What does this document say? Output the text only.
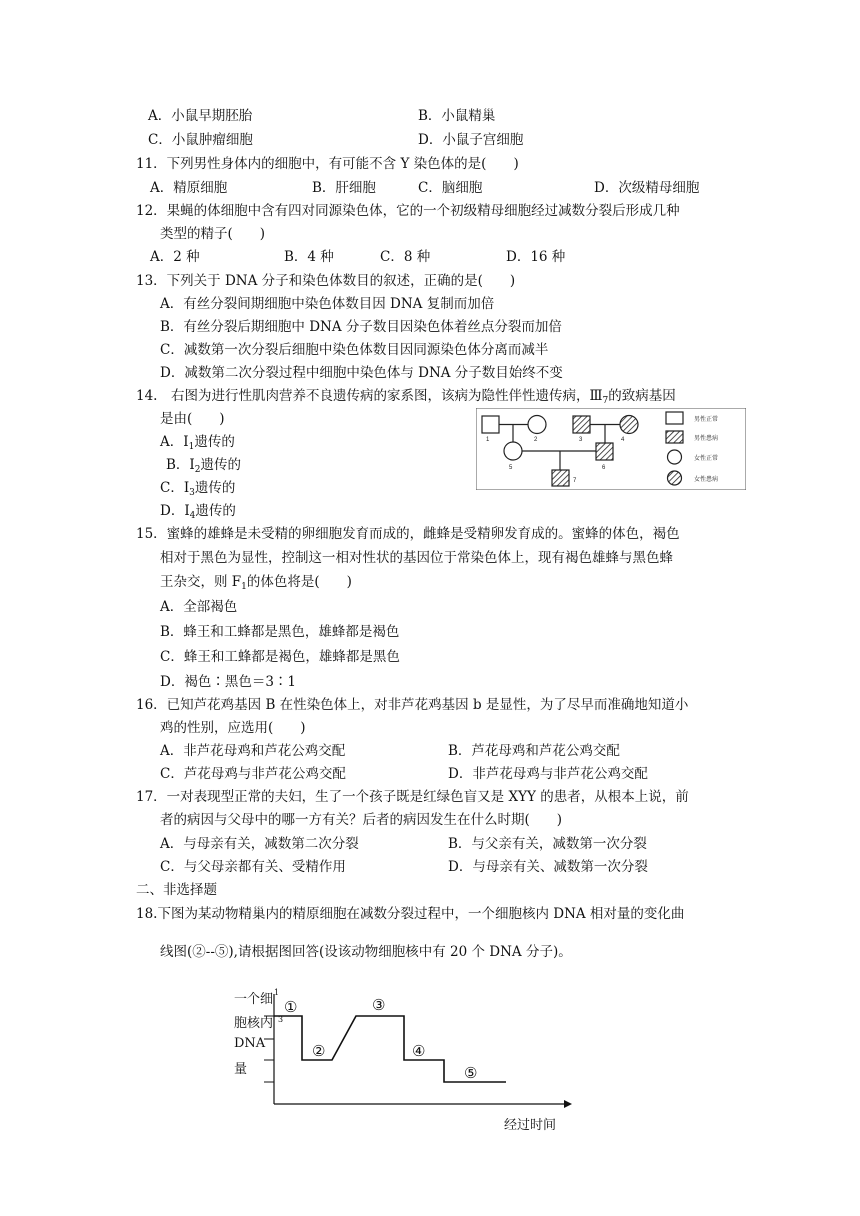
A．小鼠早期胚胎	B．小鼠精巢
C．小鼠肿瘤细胞	D．小鼠子宫细胞
11．下列男性身体内的细胞中，有可能不含 Y 染色体的是(　　)
A．精原细胞	B．肝细胞	C．脑细胞	D．次级精母细胞
12．果蝇的体细胞中含有四对同源染色体，它的一个初级精母细胞经过减数分裂后形成几种
类型的精子(　　)
A．2 种	B．4 种	C．8 种	D．16 种
13．下列关于 DNA 分子和染色体数目的叙述，正确的是(　　)
A．有丝分裂间期细胞中染色体数目因 DNA 复制而加倍
B．有丝分裂后期细胞中 DNA 分子数目因染色体着丝点分裂而加倍
C．减数第一次分裂后细胞中染色体数目因同源染色体分离而减半
D．减数第二次分裂过程中细胞中染色体与 DNA 分子数目始终不变
14.　右图为进行性肌肉营养不良遗传病的家系图，该病为隐性伴性遗传病，$Ⅲ_7$的致病基因
是由(　　)
A．$Ⅰ_1$遗传的
B．$Ⅰ_2$遗传的
C．$Ⅰ_3$遗传的
D．$Ⅰ_4$遗传的
1	2	3	4
5	6
7
男性正常
男性患病
女性正常
女性患病
15．蜜蜂的雄蜂是未受精的卵细胞发育而成的，雌蜂是受精卵发育成的。蜜蜂的体色，褐色
相对于黑色为显性，控制这一相对性状的基因位于常染色体上，现有褐色雄蜂与黑色蜂
王杂交，则 $F_1$的体色将是(　　)
A．全部褐色
B．蜂王和工蜂都是黑色，雄蜂都是褐色
C．蜂王和工蜂都是褐色，雄蜂都是黑色
D．褐色∶黑色＝3∶1
16．已知芦花鸡基因 B 在性染色体上，对非芦花鸡基因 b 是显性，为了尽早而准确地知道小
鸡的性别，应选用(　　)
A．非芦花母鸡和芦花公鸡交配	B．芦花母鸡和芦花公鸡交配
C．芦花母鸡与非芦花公鸡交配	D．非芦花母鸡与非芦花公鸡交配
17．一对表现型正常的夫妇，生了一个孩子既是红绿色盲又是 XYY 的患者，从根本上说，前
者的病因与父母中的哪一方有关？后者的病因发生在什么时期(　　)
A．与母亲有关，减数第二次分裂	B．与父亲有关，减数第一次分裂
C．与父母亲都有关、受精作用	D．与母亲有关、减数第一次分裂
二、非选择题
18.下图为某动物精巢内的精原细胞在减数分裂过程中，一个细胞核内 DNA 相对量的变化曲
线图(②--⑤),请根据图回答(设该动物细胞核中有 20 个 DNA 分子)。
一个细 1
胞核内 3
DNA
量
①
②
③
④
⑤
经过时间
